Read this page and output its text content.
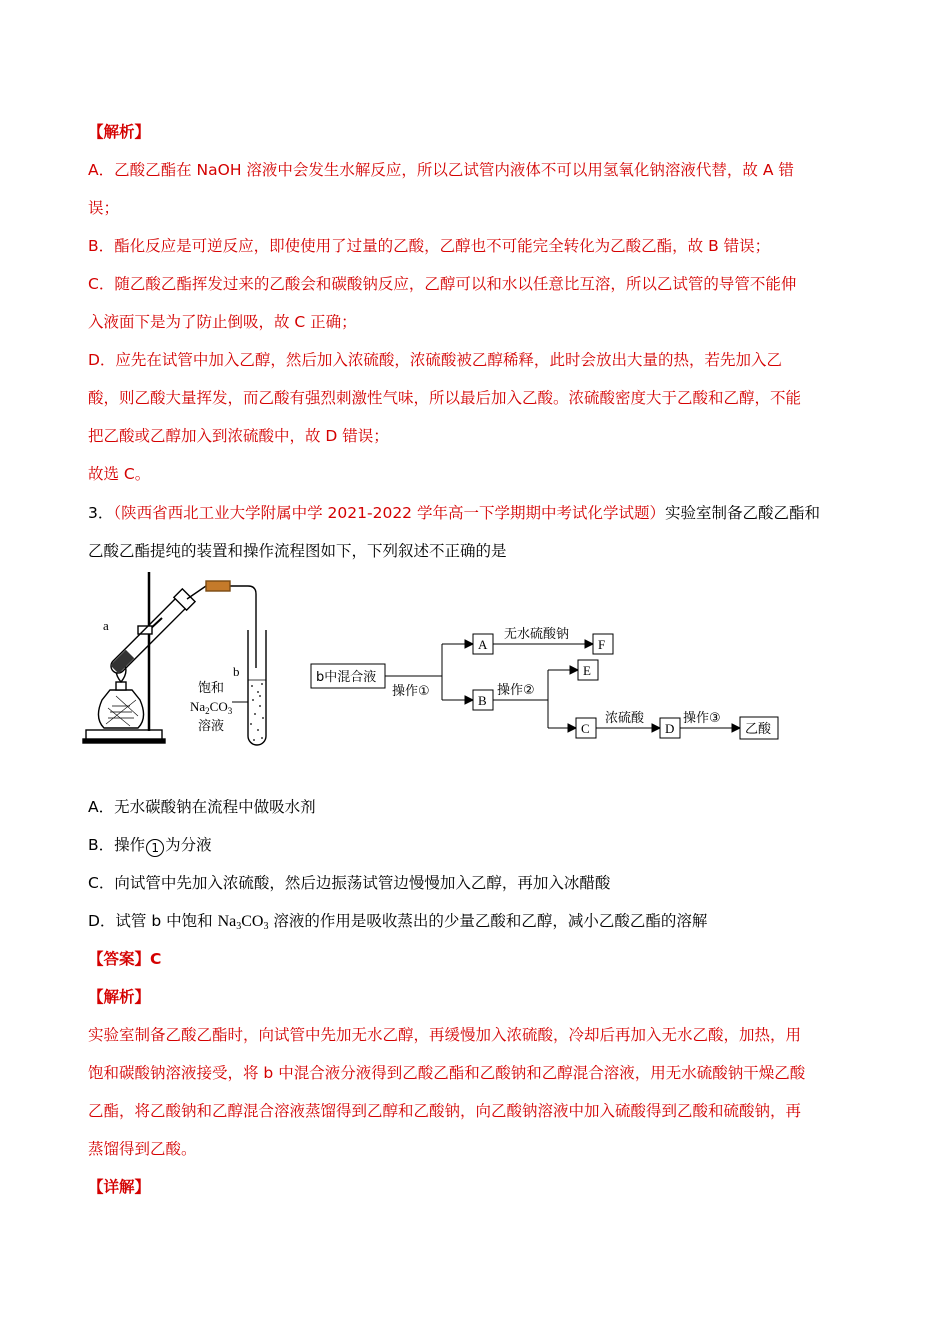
【解析】
A．乙酸乙酯在 NaOH 溶液中会发生水解反应，所以乙试管内液体不可以用氢氧化钠溶液代替，故 A 错
误；
B．酯化反应是可逆反应，即使使用了过量的乙酸，乙醇也不可能完全转化为乙酸乙酯，故 B 错误；
C．随乙酸乙酯挥发过来的乙酸会和碳酸钠反应，乙醇可以和水以任意比互溶，所以乙试管的导管不能伸
入液面下是为了防止倒吸，故 C 正确；
D．应先在试管中加入乙醇，然后加入浓硫酸，浓硫酸被乙醇稀释，此时会放出大量的热，若先加入乙
酸，则乙酸大量挥发，而乙酸有强烈刺激性气味，所以最后加入乙酸。浓硫酸密度大于乙酸和乙醇，不能
把乙酸或乙醇加入到浓硫酸中，故 D 错误；
故选 C。
3．（陕西省西北工业大学附属中学 2021-2022 学年高一下学期期中考试化学试题）实验室制备乙酸乙酯和
乙酸乙酯提纯的装置和操作流程图如下，下列叙述不正确的是
a
b
饱和
$Na_2CO_3$
溶液
b中混合液
操作①
A
B
无水硫酸钠
F
操作②
E
C
浓硫酸
D
操作③
乙酸
A．无水碳酸钠在流程中做吸水剂
B．操作 1 为分液
C．向试管中先加入浓硫酸，然后边振荡试管边慢慢加入乙醇，再加入冰醋酸
D．试管 b 中饱和 $Na_3CO_3$ 溶液的作用是吸收蒸出的少量乙酸和乙醇，减小乙酸乙酯的溶解
【答案】C
【解析】
实验室制备乙酸乙酯时，向试管中先加无水乙醇，再缓慢加入浓硫酸，冷却后再加入无水乙酸，加热，用
饱和碳酸钠溶液接受，将 b 中混合液分液得到乙酸乙酯和乙酸钠和乙醇混合溶液，用无水硫酸钠干燥乙酸
乙酯，将乙酸钠和乙醇混合溶液蒸馏得到乙醇和乙酸钠，向乙酸钠溶液中加入硫酸得到乙酸和硫酸钠，再
蒸馏得到乙酸。
【详解】
